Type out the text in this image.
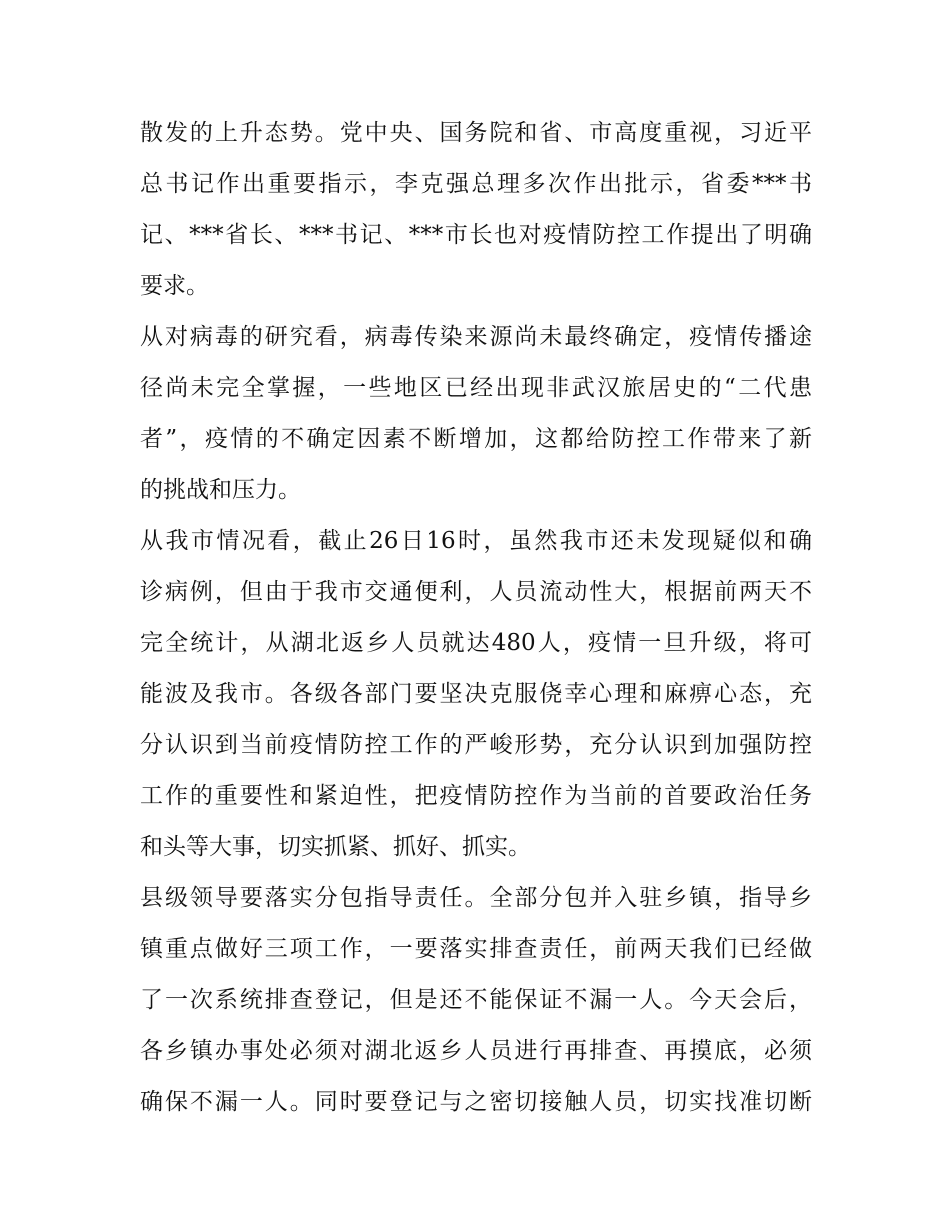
散发的上升态势。党中央、国务院和省、市高度重视，习近平
总书记作出重要指示，李克强总理多次作出批示，省委***书
记、***省长、***书记、***市长也对疫情防控工作提出了明确
要求。
从对病毒的研究看，病毒传染来源尚未最终确定，疫情传播途
径尚未完全掌握，一些地区已经出现非武汉旅居史的“二代患
者”，疫情的不确定因素不断增加，这都给防控工作带来了新
的挑战和压力。
从我市情况看，截止26日16时，虽然我市还未发现疑似和确
诊病例，但由于我市交通便利，人员流动性大，根据前两天不
完全统计，从湖北返乡人员就达480人，疫情一旦升级，将可
能波及我市。各级各部门要坚决克服侥幸心理和麻痹心态，充
分认识到当前疫情防控工作的严峻形势，充分认识到加强防控
工作的重要性和紧迫性，把疫情防控作为当前的首要政治任务
和头等大事，切实抓紧、抓好、抓实。
县级领导要落实分包指导责任。全部分包并入驻乡镇，指导乡
镇重点做好三项工作，一要落实排查责任，前两天我们已经做
了一次系统排查登记，但是还不能保证不漏一人。今天会后，
各乡镇办事处必须对湖北返乡人员进行再排查、再摸底，必须
确保不漏一人。同时要登记与之密切接触人员，切实找准切断
